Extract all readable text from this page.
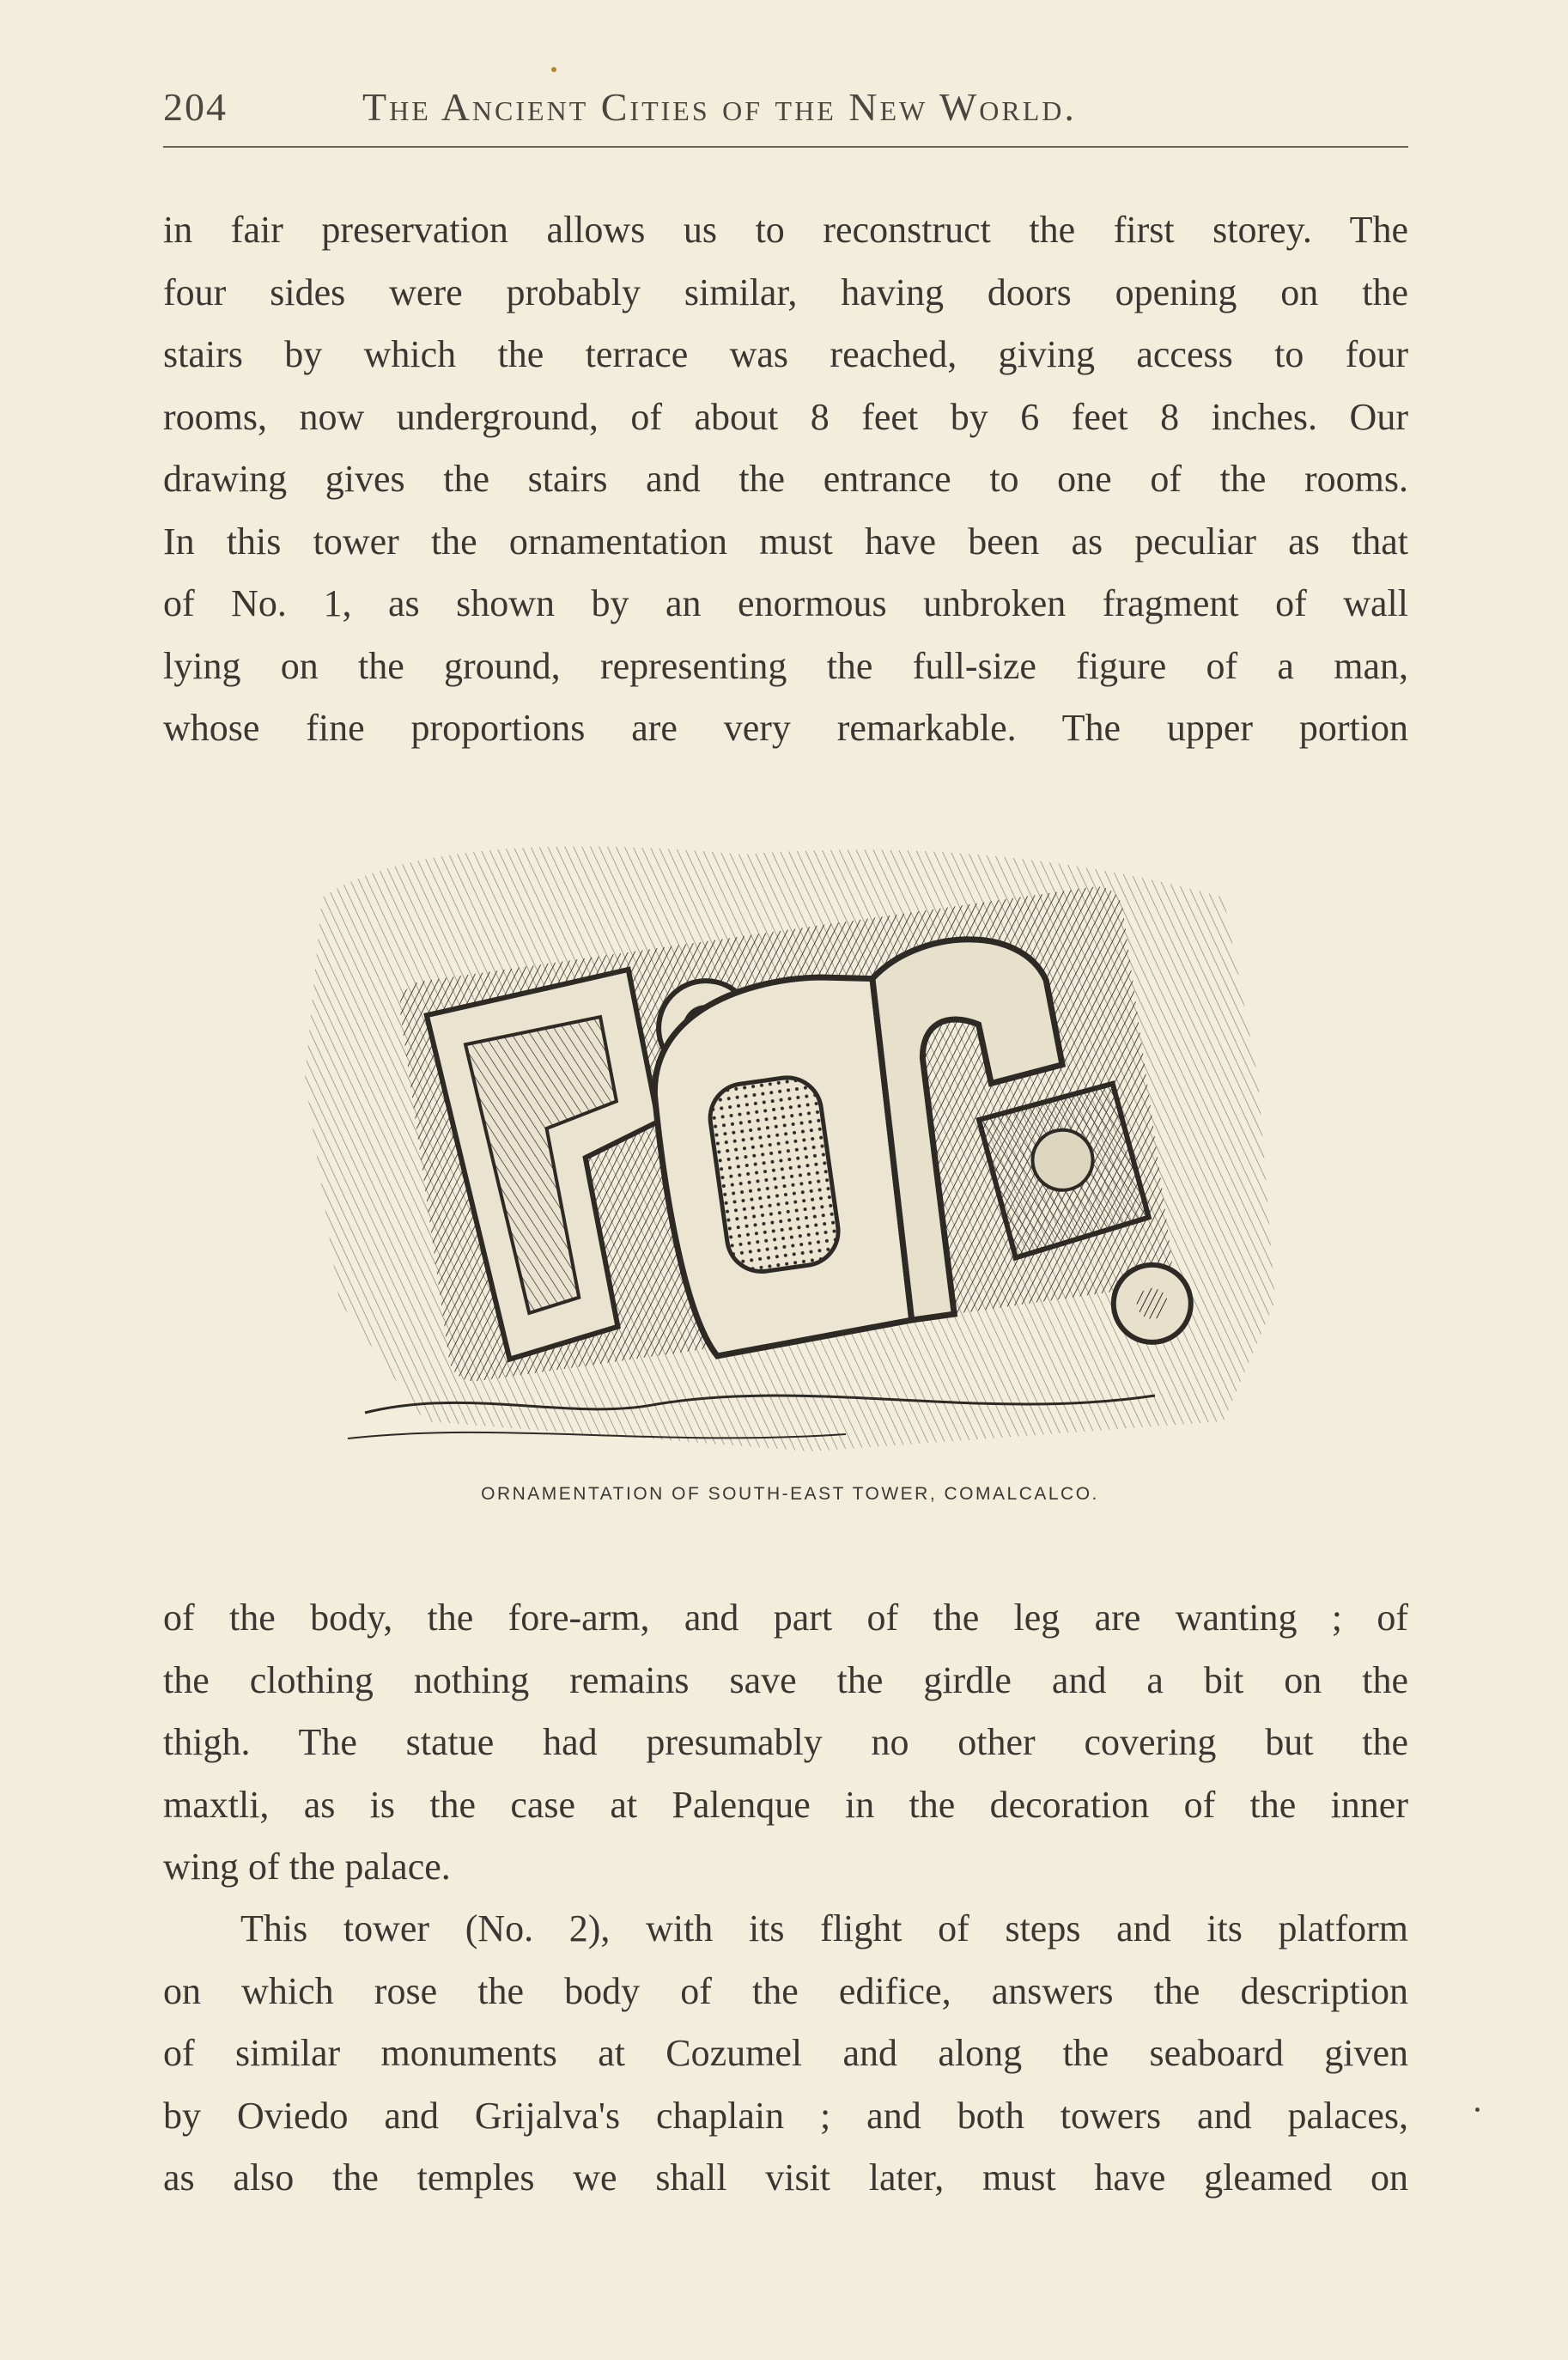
204	The Ancient Cities of the New World.
in fair preservation allows us to reconstruct the first storey. The
four sides were probably similar, having doors opening on the
stairs by which the terrace was reached, giving access to four
rooms, now underground, of about 8 feet by 6 feet 8 inches. Our
drawing gives the stairs and the entrance to one of the rooms.
In this tower the ornamentation must have been as peculiar as that
of No. 1, as shown by an enormous unbroken fragment of wall
lying on the ground, representing the full-size figure of a man,
whose fine proportions are very remarkable. The upper portion
ORNAMENTATION OF SOUTH-EAST TOWER, COMALCALCO.
of the body, the fore-arm, and part of the leg are wanting ; of
the clothing nothing remains save the girdle and a bit on the
thigh. The statue had presumably no other covering but the
maxtli, as is the case at Palenque in the decoration of the inner
wing of the palace.
This tower (No. 2), with its flight of steps and its platform
on which rose the body of the edifice, answers the description
of similar monuments at Cozumel and along the seaboard given
by Oviedo and Grijalva's chaplain ; and both towers and palaces,
as also the temples we shall visit later, must have gleamed on
